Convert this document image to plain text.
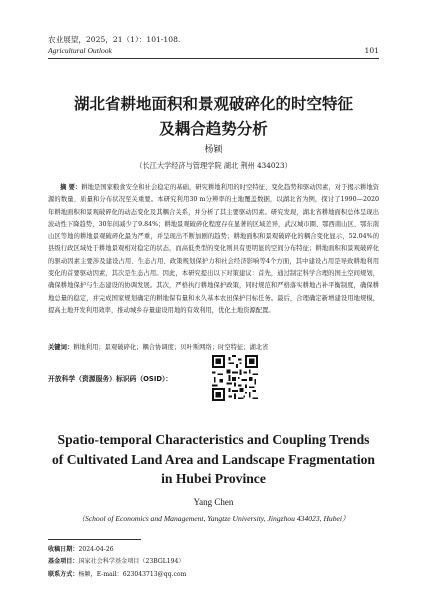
农业展望，2025，21（1）：101-108.
Agricultural Outlook	101
湖北省耕地面积和景观破碎化的时空特征
及耦合趋势分析
杨颖
（长江大学经济与管理学院 湖北 荆州 434023）
摘 要：耕地是国家粮食安全和社会稳定的基础，研究耕地利用的时空特征、变化趋势和驱动因素，对于揭示耕地资源的数量、质量和分布状况至关重要。本研究利用30 m分辨率的土地覆盖数据，以湖北省为例，探讨了1990—2020年耕地面积和景观破碎化的动态变化及其耦合关系，并分析了其主要驱动因素。研究发现，湖北省耕地面积总体呈现出波动性下降趋势，30年间减少了9.84%；耕地景观破碎化程度存在显著的区域差异，武汉城市圈、鄂西南山区、鄂东南山区等地的耕地景观破碎化最为严重，并呈现出不断加剧的趋势；耕地面积和景观破碎化的耦合变化显示，52.04%的县级行政区域处于耕地景观相对稳定的状态，而高低类型的变化则具有更明显的空间分布特征；耕地面积和景观破碎化的驱动因素主要涉及建设占用、生态占用、政策规划保护力和社会经济影响等4个方面，其中建设占用是导致耕地利用变化的首要驱动因素，其次是生态占用。因此，本研究提出以下对策建议：首先，通过制定科学合理的国土空间规划，确保耕地保护与生态建设的协调发展。其次，严格执行耕地保护政策，同时规范和严格落实耕地占补平衡制度，确保耕地总量的稳定，并完成国家规划确定的耕地保有量和永久基本农田保护目标任务。最后，合理确定新增建设用地规模，提高土地开发利用效率，推动城乡存量建设用地的有效利用，优化土地资源配置。
关键词：耕地利用；景观破碎化；耦合协调度；贝叶斯网络；时空特征；湖北省
开放科学（资源服务）标识码（OSID）：
Spatio-temporal Characteristics and Coupling Trends
of Cultivated Land Area and Landscape Fragmentation
in Hubei Province
Yang Chen
（School of Economics and Management, Yangtze University, Jingzhou 434023, Hubei）
收稿日期：2024-04-26
基金项目：国家社会科学基金项目（23BGL194）
联系方式：杨颖，E-mail：623043713@qq.com
